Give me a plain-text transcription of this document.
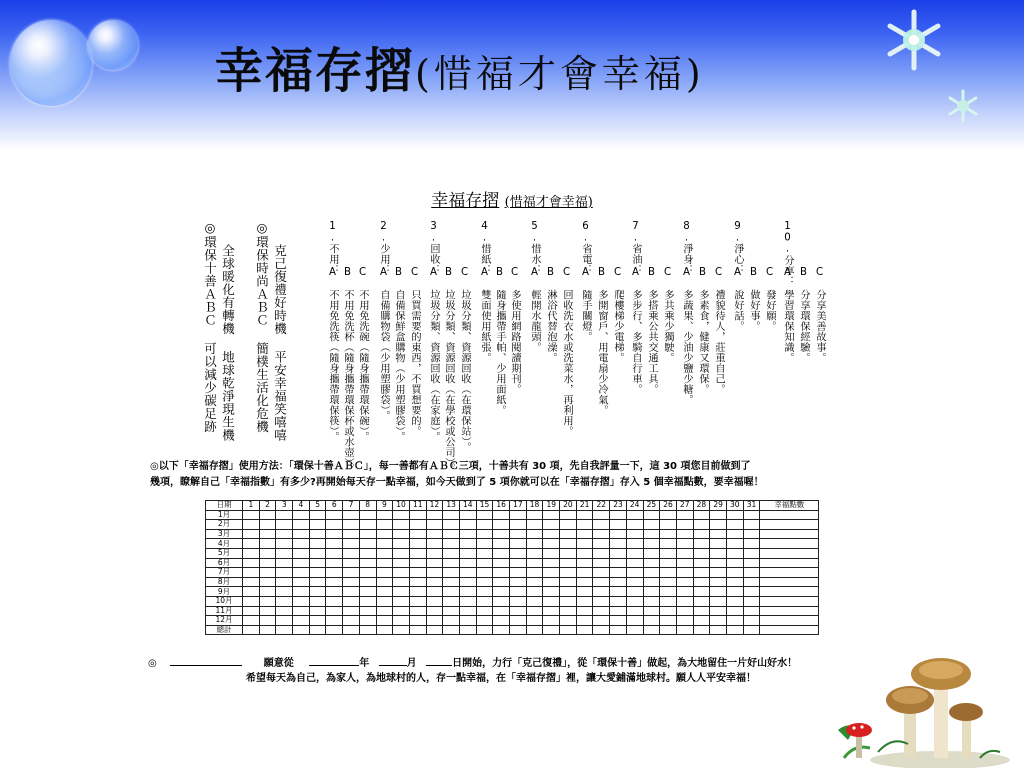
幸福存摺(惜福才會幸福)
幸福存摺 (惜福才會幸福)
◎環保十善ＡＢＣ 可以減少碳足跡 全球暖化有轉機 地球乾淨現生機 ◎環保時尚ＡＢＣ 簡樸生活化危機 克己復禮好時機 平安幸福笑嘻嘻	1.不用：
A 不用免洗筷（隨身攜帶環保筷）。 B 不用免洗杯（隨身攜帶環保杯或水壺）。 C 不用免洗碗（隨身攜帶環保碗）。
2.少用：
A 自備購物袋（少用塑膠袋）。 B 自備保鮮盒購物（少用塑膠袋）。 C 只買需要的東西，不買想要的。
3.回收：
A 垃圾分類、資源回收（在家庭）。 B 垃圾分類、資源回收（在學校或公司）。 C 垃圾分類、資源回收（在環保站）。
4.惜紙：
A 雙面使用紙張。 B 隨身攜帶手帕、少用面紙。 C 多使用網路閱讀期刊。
5.惜水：
A 輕開水龍頭。 B 淋浴代替泡澡。 C 回收洗衣水或洗菜水，再利用。
6.省電：
A 隨手關燈。 B 多開窗戶、用電扇少冷氣。 C 爬樓梯少電梯。
7.省油：
A 多步行、多騎自行車。 B 多搭乘公共交通工具。 C 多共乘少獨駛。
8.淨身：
A 多蔬果、少油少鹽少糖。 B 多素食，健康又環保。 C 禮貌待人，莊重自己。
9.淨心：
A 說好話。 B 做好事。 C 發好願。
10.分享：
A 學習環保知識。 B 分享環保經驗。 C 分享美善故事。
◎以下「幸福存摺」使用方法：「環保十善ＡＢＣ」，每一善都有ＡＢＣ三項，十善共有 30 項，先自我評量一下，這 30 項您目前做到了
幾項，瞭解自己「幸福指數」有多少?再開始每天存一點幸福，如今天做到了 5 項你就可以在「幸福存摺」存入 5 個幸福點數，要幸福喔！
日期	1	2	3	4	5	6	7	8	9	10	11	12	13	14	15	16	17	18	19	20	21	22	23	24	25	26	27	28	29	30	31	幸福點數
1月																																
2月																																
3月																																
4月																																
5月																																
6月																																
7月																																
8月																																
9月																																
10月																																
11月																																
12月																																
總計																																
◎	願意從	年	月	日開始，力行「克己復禮」，從「環保十善」做起，為大地留住一片好山好水！
希望每天為自己，為家人，為地球村的人，存一點幸福，在「幸福存摺」裡，讓大愛鋪滿地球村。願人人平安幸福！
